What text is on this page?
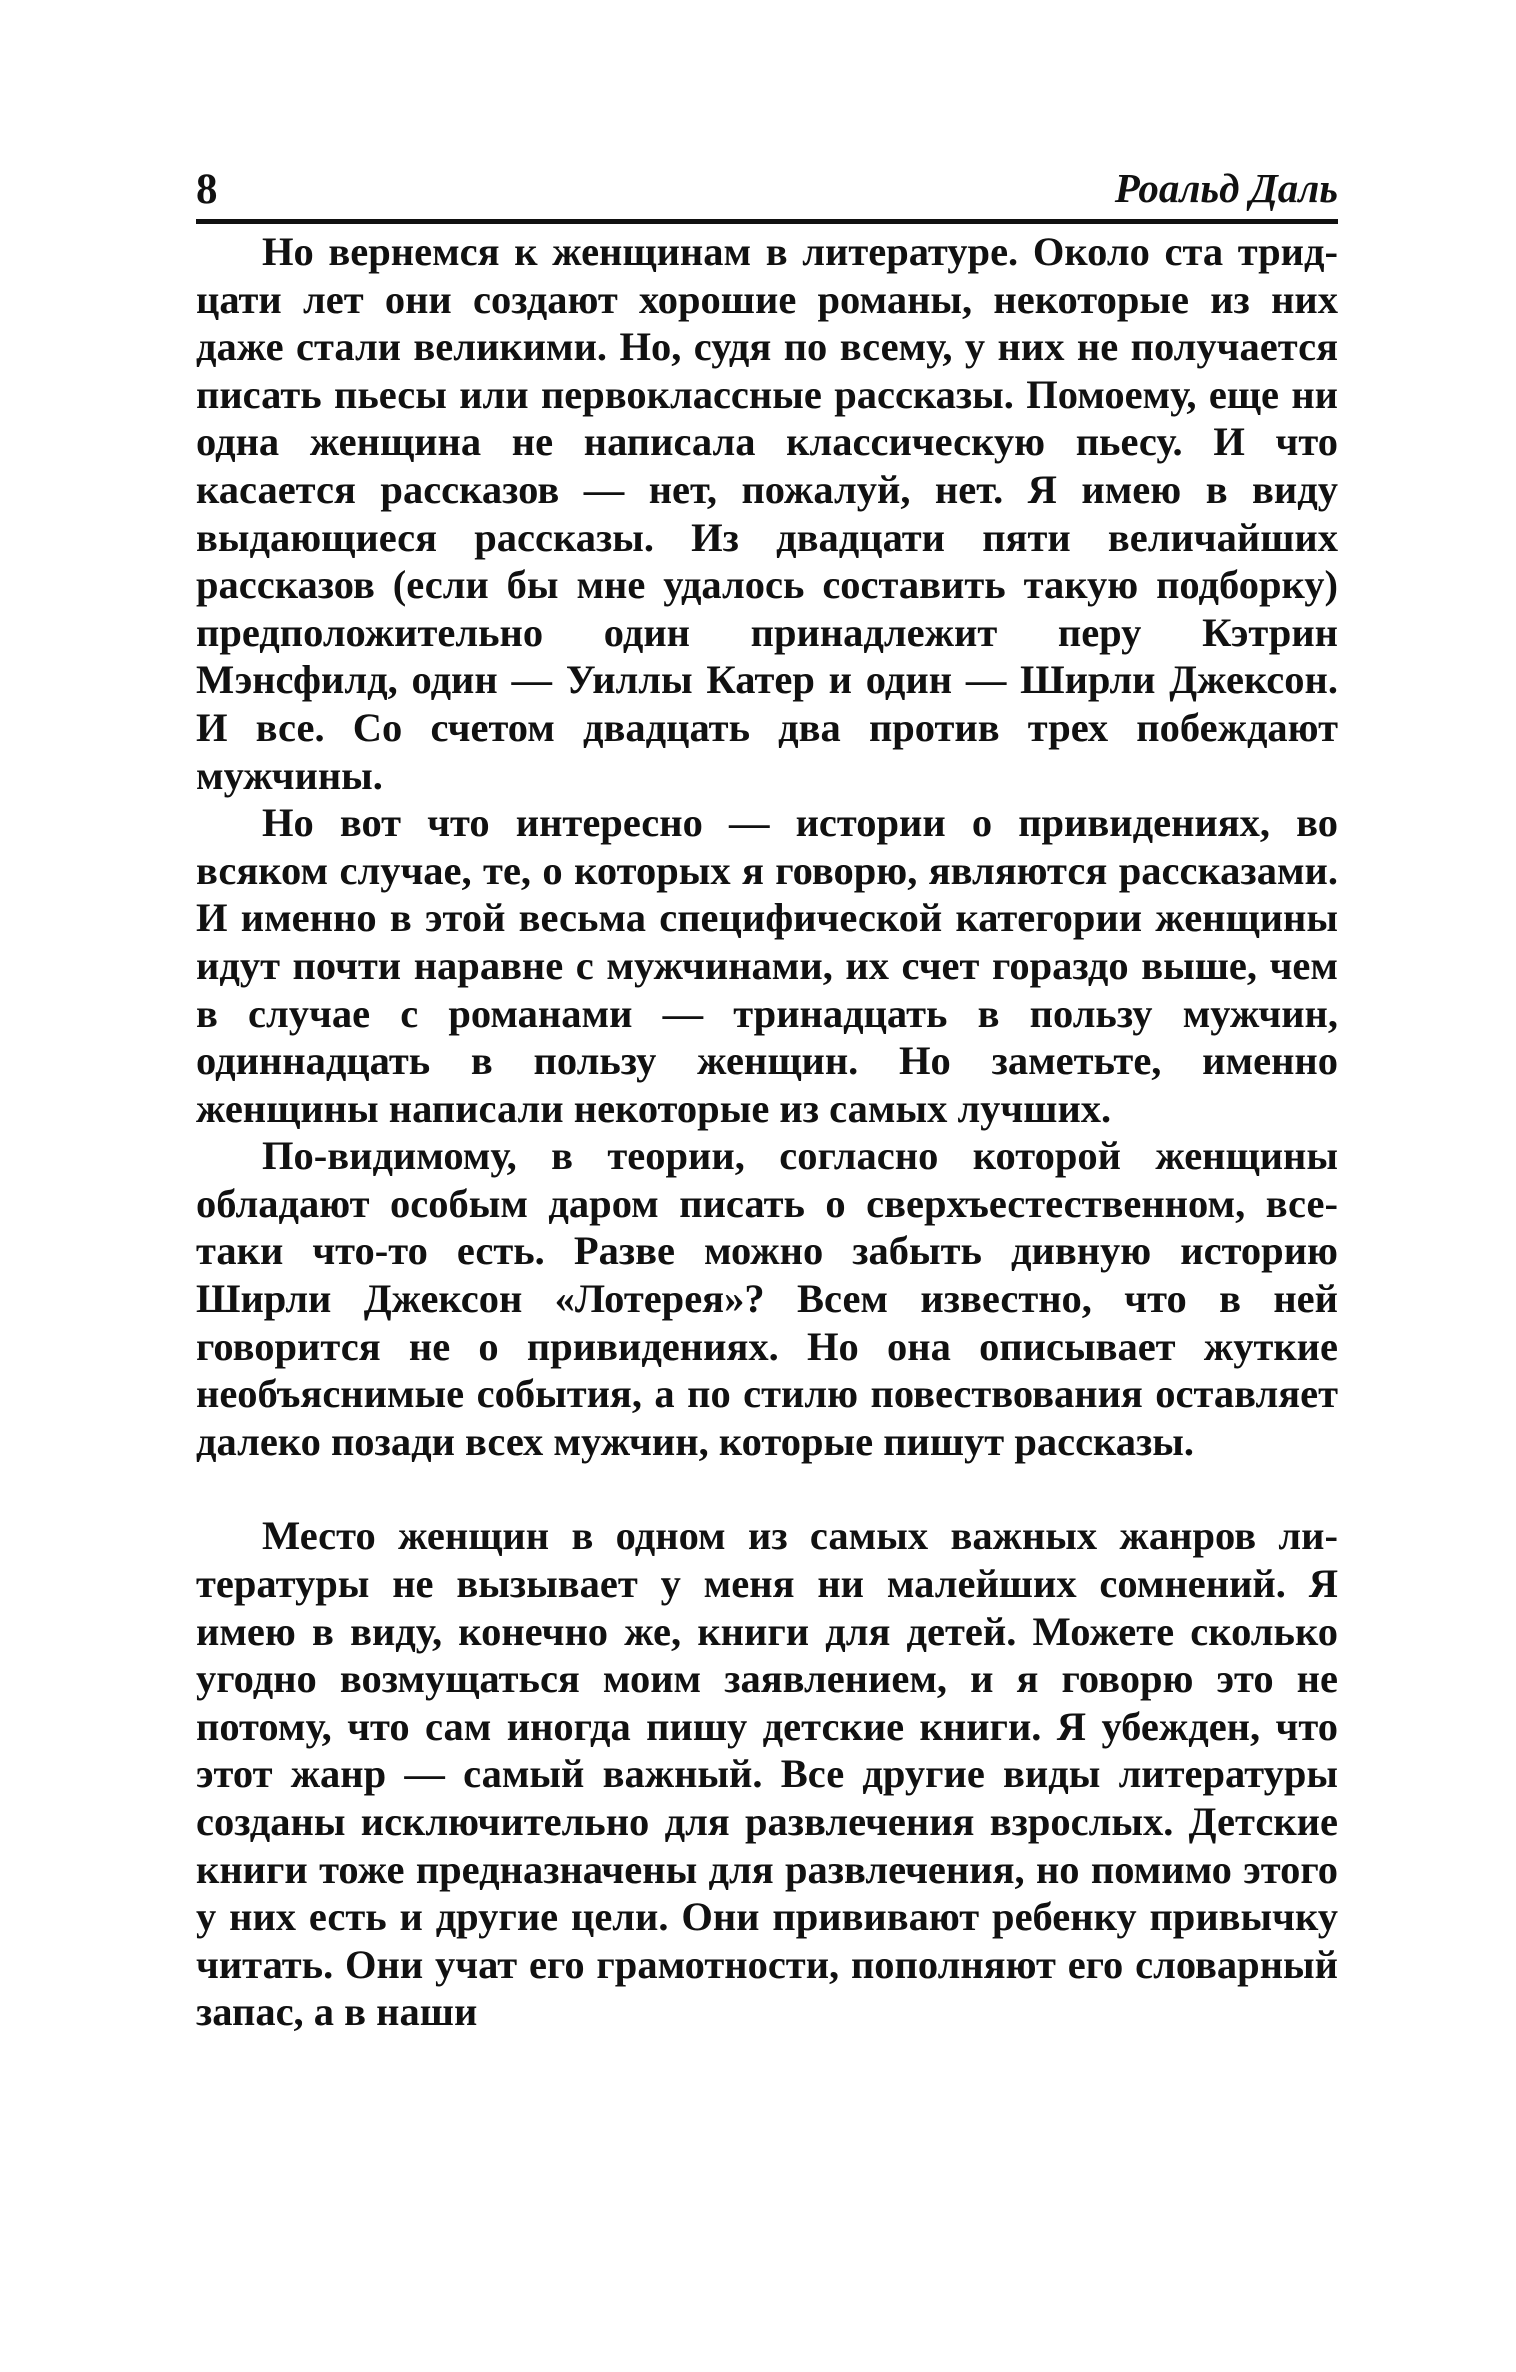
8	Роальд Даль

Но вернемся к женщинам в литературе. Около ста тридцати лет они создают хорошие романы, некоторые из них даже стали великими. Но, судя по всему, у них не получается писать пьесы или первоклассные рассказы. Помоему, еще ни одна женщина не написала классическую пьесу. И что касается рассказов — нет, пожалуй, нет. Я имею в виду выдающиеся рассказы. Из двадцати пяти величайших рассказов (если бы мне удалось составить такую подборку) предположительно один принадлежит перу Кэтрин Мэнсфилд, один — Уиллы Катер и один — Ширли Джексон. И все. Со счетом двадцать два против трех побеждают мужчины.

Но вот что интересно — истории о привидениях, во всяком случае, те, о которых я говорю, являются рассказами. И именно в этой весьма специфической категории женщины идут почти наравне с мужчинами, их счет гораздо выше, чем в случае с романами — тринадцать в пользу мужчин, одиннадцать в пользу женщин. Но заметьте, именно женщины написали некоторые из самых лучших.

По-видимому, в теории, согласно которой женщины обладают особым даром писать о сверхъестественном, все-таки что-то есть. Разве можно забыть дивную историю Ширли Джексон «Лотерея»? Всем известно, что в ней говорится не о привидениях. Но она описывает жуткие необъяснимые события, а по стилю повествования оставляет далеко позади всех мужчин, которые пишут рассказы.

Место женщин в одном из самых важных жанров литературы не вызывает у меня ни малейших сомнений. Я имею в виду, конечно же, книги для детей. Можете сколько угодно возмущаться моим заявлением, и я говорю это не потому, что сам иногда пишу детские книги. Я убежден, что этот жанр — самый важный. Все другие виды литературы созданы исключительно для развлечения взрослых. Детские книги тоже предназначены для развлечения, но помимо этого у них есть и другие цели. Они прививают ребенку привычку читать. Они учат его грамотности, пополняют его словарный запас, а в наши
